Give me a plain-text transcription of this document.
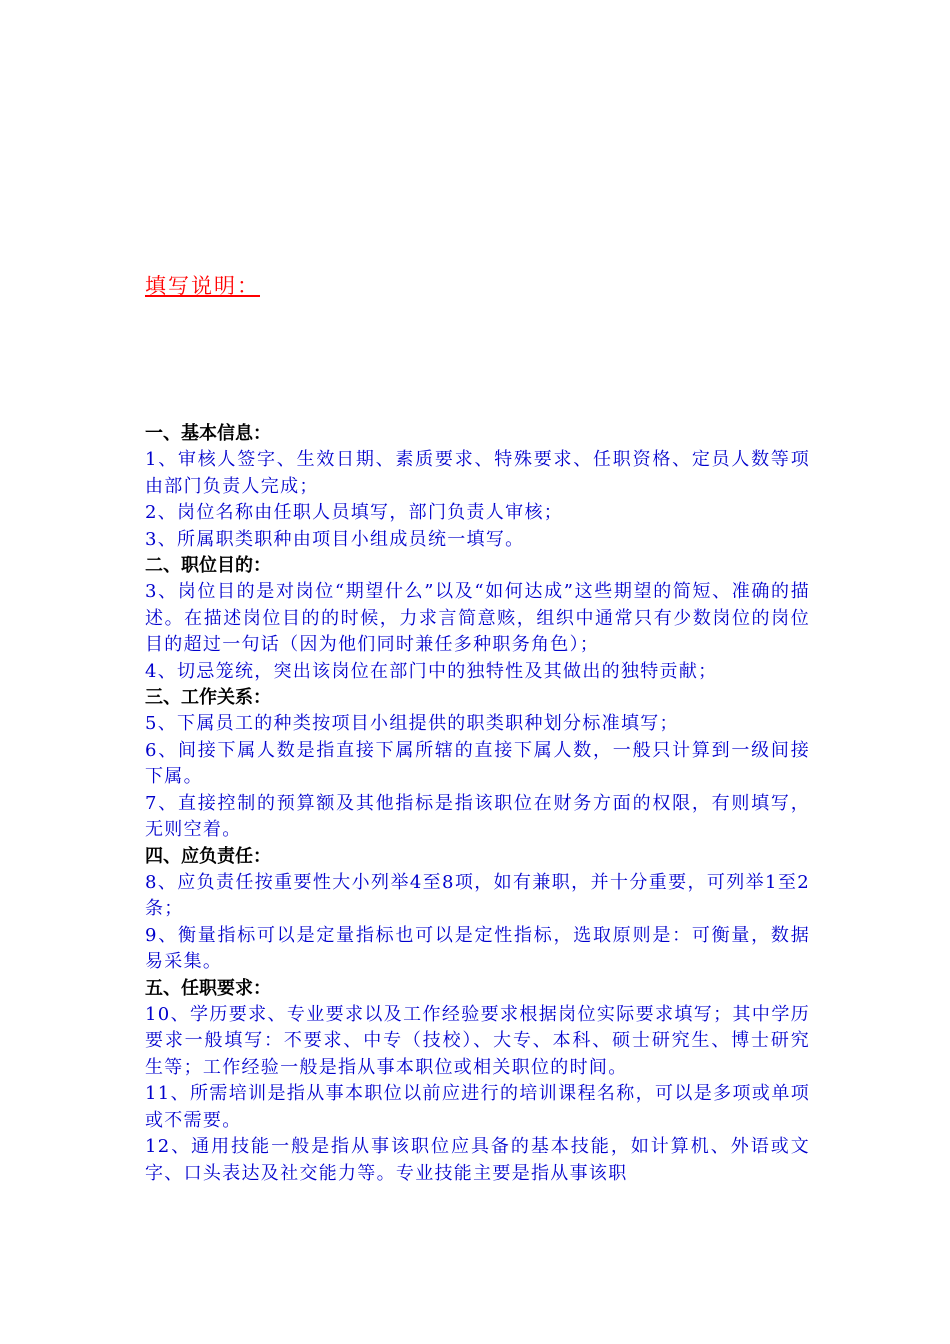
填写说明：

一、基本信息：

1、审核人签字、生效日期、素质要求、特殊要求、任职资格、定员人数等项由部门负责人完成；

2、岗位名称由任职人员填写，部门负责人审核；

3、所属职类职种由项目小组成员统一填写。

二、职位目的：

3、岗位目的是对岗位“期望什么”以及“如何达成”这些期望的简短、准确的描述。在描述岗位目的的时候，力求言简意赅，组织中通常只有少数岗位的岗位目的超过一句话（因为他们同时兼任多种职务角色）；

4、切忌笼统，突出该岗位在部门中的独特性及其做出的独特贡献；

三、工作关系：

5、下属员工的种类按项目小组提供的职类职种划分标准填写；

6、间接下属人数是指直接下属所辖的直接下属人数，一般只计算到一级间接下属。

7、直接控制的预算额及其他指标是指该职位在财务方面的权限，有则填写，无则空着。

四、应负责任：

8、应负责任按重要性大小列举4至8项，如有兼职，并十分重要，可列举1至2条；

9、衡量指标可以是定量指标也可以是定性指标，选取原则是：可衡量，数据易采集。

五、任职要求：

10、学历要求、专业要求以及工作经验要求根据岗位实际要求填写；其中学历要求一般填写：不要求、中专（技校）、大专、本科、硕士研究生、博士研究生等；工作经验一般是指从事本职位或相关职位的时间。

11、所需培训是指从事本职位以前应进行的培训课程名称，可以是多项或单项或不需要。

12、通用技能一般是指从事该职位应具备的基本技能，如计算机、外语或文字、口头表达及社交能力等。专业技能主要是指从事该职
